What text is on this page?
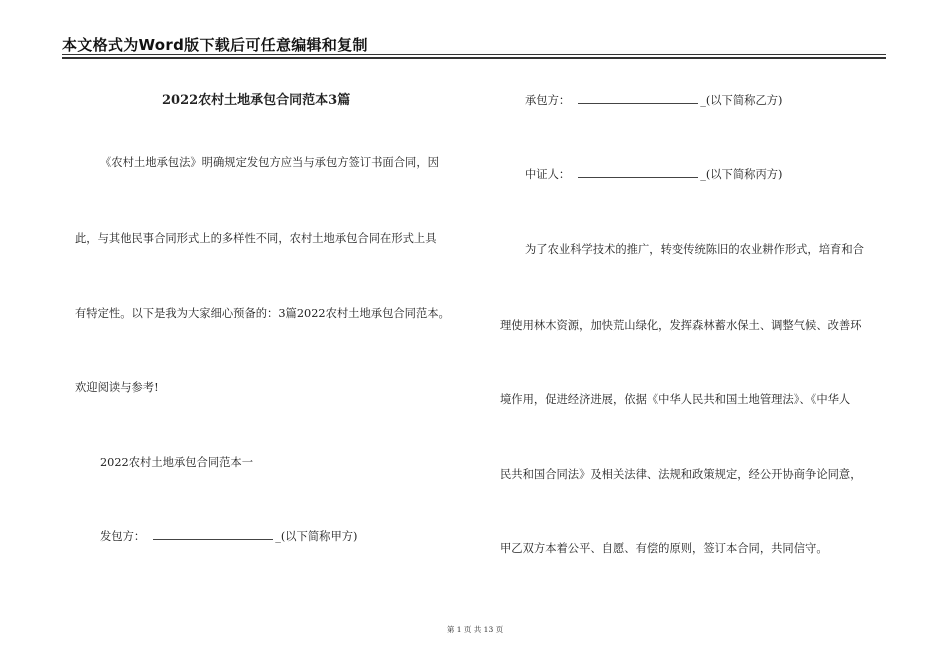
本文格式为Word版下载后可任意编辑和复制
2022农村土地承包合同范本3篇
《农村土地承包法》明确规定发包方应当与承包方签订书面合同，因
此，与其他民事合同形式上的多样性不同，农村土地承包合同在形式上具
有特定性。以下是我为大家细心预备的：3篇2022农村土地承包合同范本。
欢迎阅读与参考!
2022农村土地承包合同范本一
发包方：	_(以下简称甲方)
承包方：	_(以下简称乙方)
中证人：	_(以下简称丙方)
为了农业科学技术的推广，转变传统陈旧的农业耕作形式，培育和合
理使用林木资源，加快荒山绿化，发挥森林蓄水保土、调整气候、改善环
境作用，促进经济进展，依据《中华人民共和国土地管理法》、《中华人
民共和国合同法》及相关法律、法规和政策规定，经公开协商争论同意，
甲乙双方本着公平、自愿、有偿的原则，签订本合同，共同信守。
第 1 页 共 13 页
